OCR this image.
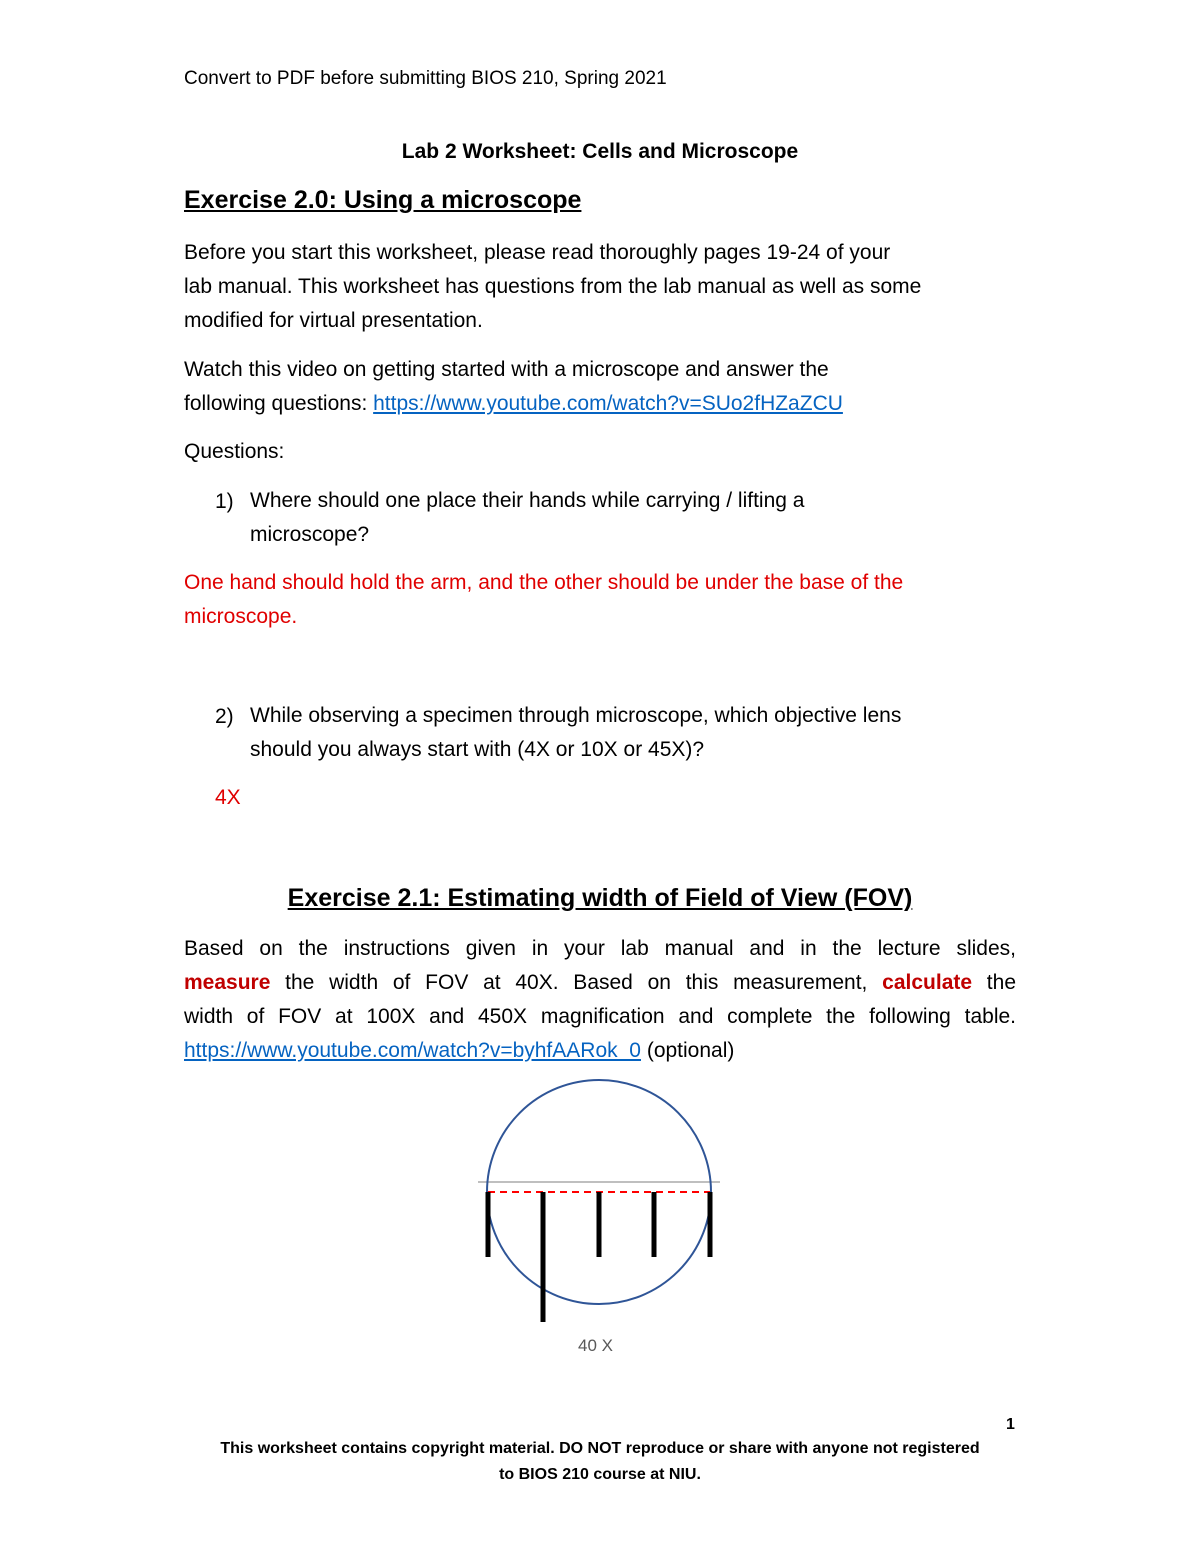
Convert to PDF before submitting BIOS 210, Spring 2021
Lab 2 Worksheet: Cells and Microscope
Exercise 2.0: Using a microscope
Before you start this worksheet, please read thoroughly pages 19-24 of your
lab manual. This worksheet has questions from the lab manual as well as some
modified for virtual presentation.
Watch this video on getting started with a microscope and answer the
following questions: https://www.youtube.com/watch?v=SUo2fHZaZCU
Questions:
1) Where should one place their hands while carrying / lifting a
microscope?
One hand should hold the arm, and the other should be under the base of the
microscope.
2) While observing a specimen through microscope, which objective lens
should you always start with (4X or 10X or 45X)?
4X
Exercise 2.1: Estimating width of Field of View (FOV)
Based on the instructions given in your lab manual and in the lecture slides,
measure the width of FOV at 40X. Based on this measurement, calculate the
width of FOV at 100X and 450X magnification and complete the following table.
https://www.youtube.com/watch?v=byhfAARok_0 (optional)
40 X
1
This worksheet contains copyright material. DO NOT reproduce or share with anyone not registered
to BIOS 210 course at NIU.
